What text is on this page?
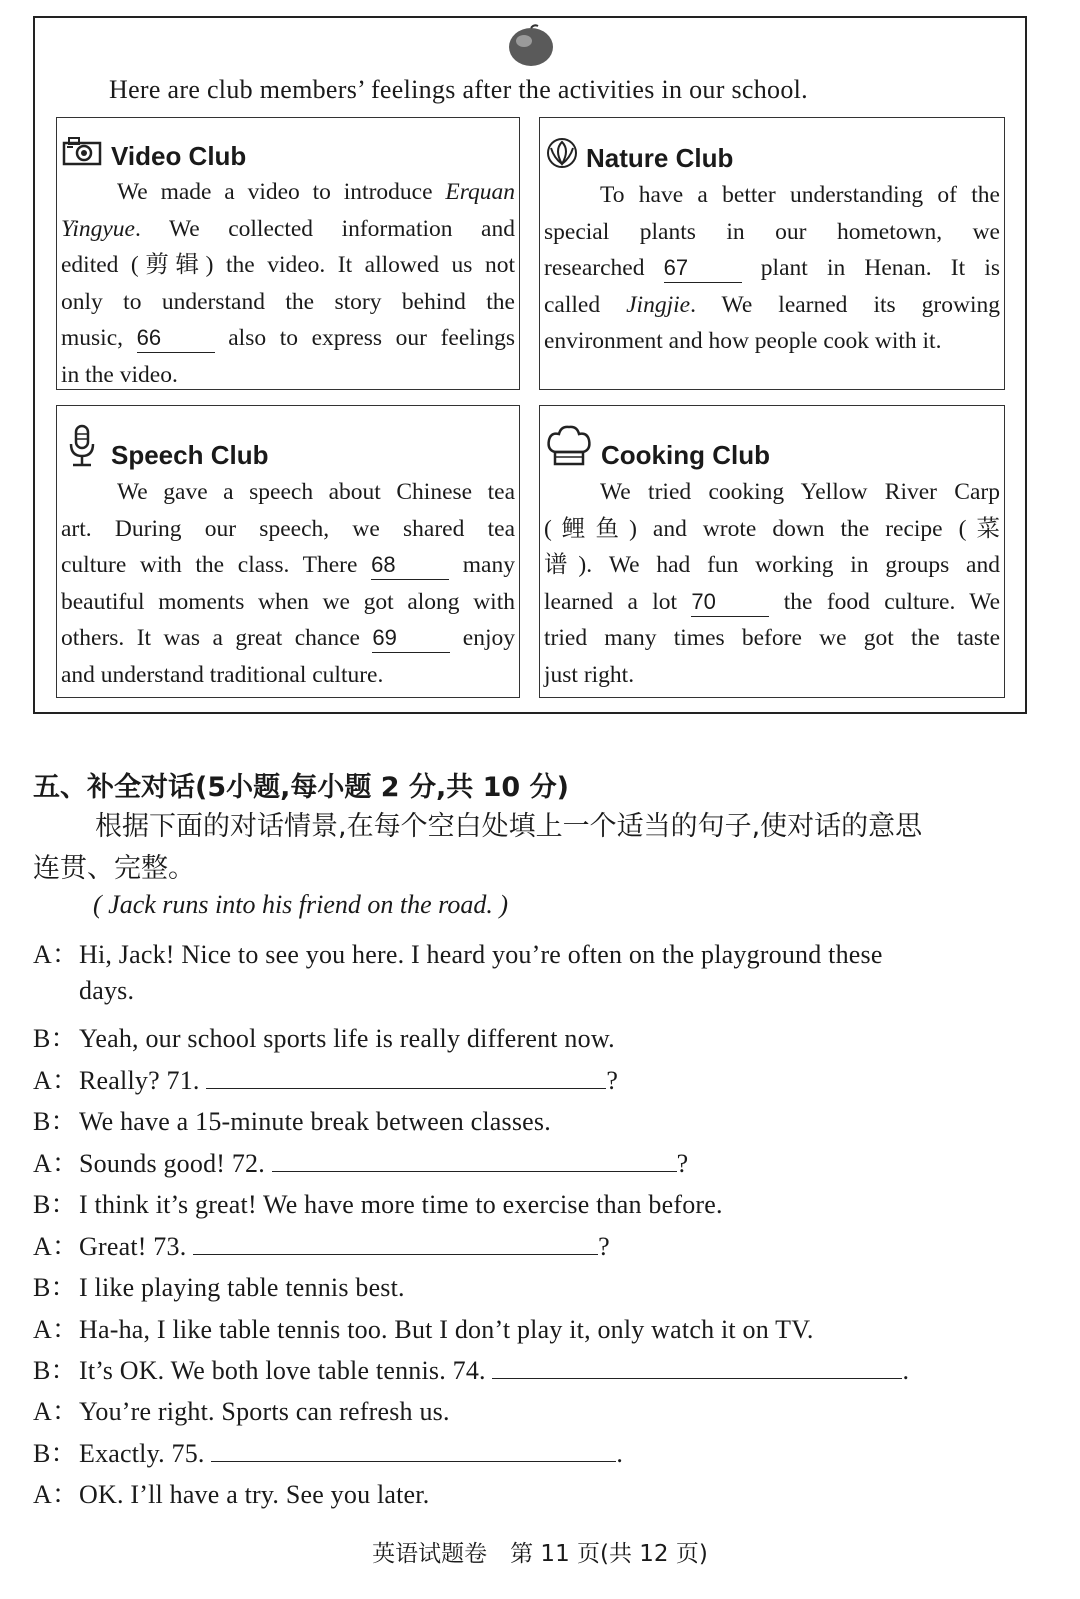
Here are club members’ feelings after the activities in our school.
Video Club
We made a video to introduce Erquan
Yingyue. We collected information and
edited (剪辑) the video. It allowed us not
only to understand the story behind the
music, 66	also to express our feelings
in the video.
Nature Club
To have a better understanding of the
special plants in our hometown, we
researched 67	plant in Henan. It is
called Jingjie. We learned its growing
environment and how people cook with it.
Speech Club
We gave a speech about Chinese tea
art. During our speech, we shared tea
culture with the class. There 68	many
beautiful moments when we got along with
others. It was a great chance 69	enjoy
and understand traditional culture.
Cooking Club
We tried cooking Yellow River Carp
(鲤鱼) and wrote down the recipe (菜
谱). We had fun working in groups and
learned a lot 70	the food culture. We
tried many times before we got the taste
just right.
五、补全对话(5小题,每小题 2 分,共 10 分)
根据下面的对话情景,在每个空白处填上一个适当的句子,使对话的意思
连贯、完整。
( Jack runs into his friend on the road. )
A：Hi, Jack! Nice to see you here. I heard you’re often on the playground these
days.
B：Yeah, our school sports life is really different now.
A：Really? 71.	?
B：We have a 15-minute break between classes.
A：Sounds good! 72.	?
B：I think it’s great! We have more time to exercise than before.
A：Great! 73.	?
B：I like playing table tennis best.
A：Ha-ha, I like table tennis too. But I don’t play it, only watch it on TV.
B：It’s OK. We both love table tennis. 74.	.
A：You’re right. Sports can refresh us.
B：Exactly. 75.	.
A：OK. I’ll have a try. See you later.
英语试题卷　第 11 页(共 12 页)
